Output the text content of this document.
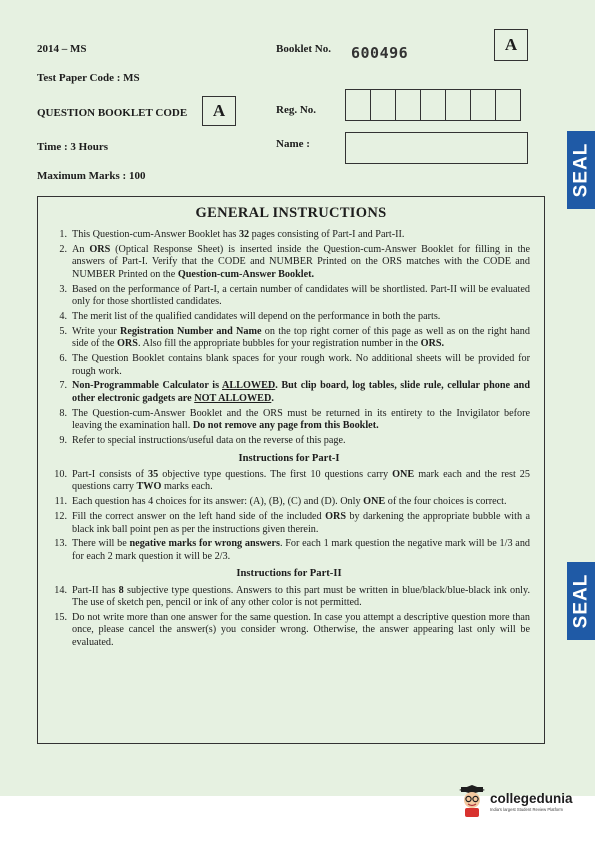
2014 – MS
Test Paper Code : MS
QUESTION BOOKLET CODE	A
Time : 3 Hours
Maximum Marks : 100
Booklet No. 600496	A
Reg. No.
Name :	SEAL
SEAL
GENERAL INSTRUCTIONS
1. This Question-cum-Answer Booklet has 32 pages consisting of Part-I and Part-II.
2. An ORS (Optical Response Sheet) is inserted inside the Question-cum-Answer Booklet for filling in the answers of Part-I. Verify that the CODE and NUMBER Printed on the ORS matches with the CODE and NUMBER Printed on the Question-cum-Answer Booklet.
3. Based on the performance of Part-I, a certain number of candidates will be shortlisted. Part-II will be evaluated only for those shortlisted candidates.
4. The merit list of the qualified candidates will depend on the performance in both the parts.
5. Write your Registration Number and Name on the top right corner of this page as well as on the right hand side of the ORS. Also fill the appropriate bubbles for your registration number in the ORS.
6. The Question Booklet contains blank spaces for your rough work. No additional sheets will be provided for rough work.
7. Non-Programmable Calculator is ALLOWED. But clip board, log tables, slide rule, cellular phone and other electronic gadgets are NOT ALLOWED.
8. The Question-cum-Answer Booklet and the ORS must be returned in its entirety to the Invigilator before leaving the examination hall. Do not remove any page from this Booklet.
9. Refer to special instructions/useful data on the reverse of this page.
Instructions for Part-I
10. Part-I consists of 35 objective type questions. The first 10 questions carry ONE mark each and the rest 25 questions carry TWO marks each.
11. Each question has 4 choices for its answer: (A), (B), (C) and (D). Only ONE of the four choices is correct.
12. Fill the correct answer on the left hand side of the included ORS by darkening the appropriate bubble with a black ink ball point pen as per the instructions given therein.
13. There will be negative marks for wrong answers. For each 1 mark question the negative mark will be 1/3 and for each 2 mark question it will be 2/3.
Instructions for Part-II
14. Part-II has 8 subjective type questions. Answers to this part must be written in blue/black/blue-black ink only. The use of sketch pen, pencil or ink of any other color is not permitted.
15. Do not write more than one answer for the same question. In case you attempt a descriptive question more than once, please cancel the answer(s) you consider wrong. Otherwise, the answer appearing last only will be evaluated.
collegedunia
India's largest Student Review Platform
